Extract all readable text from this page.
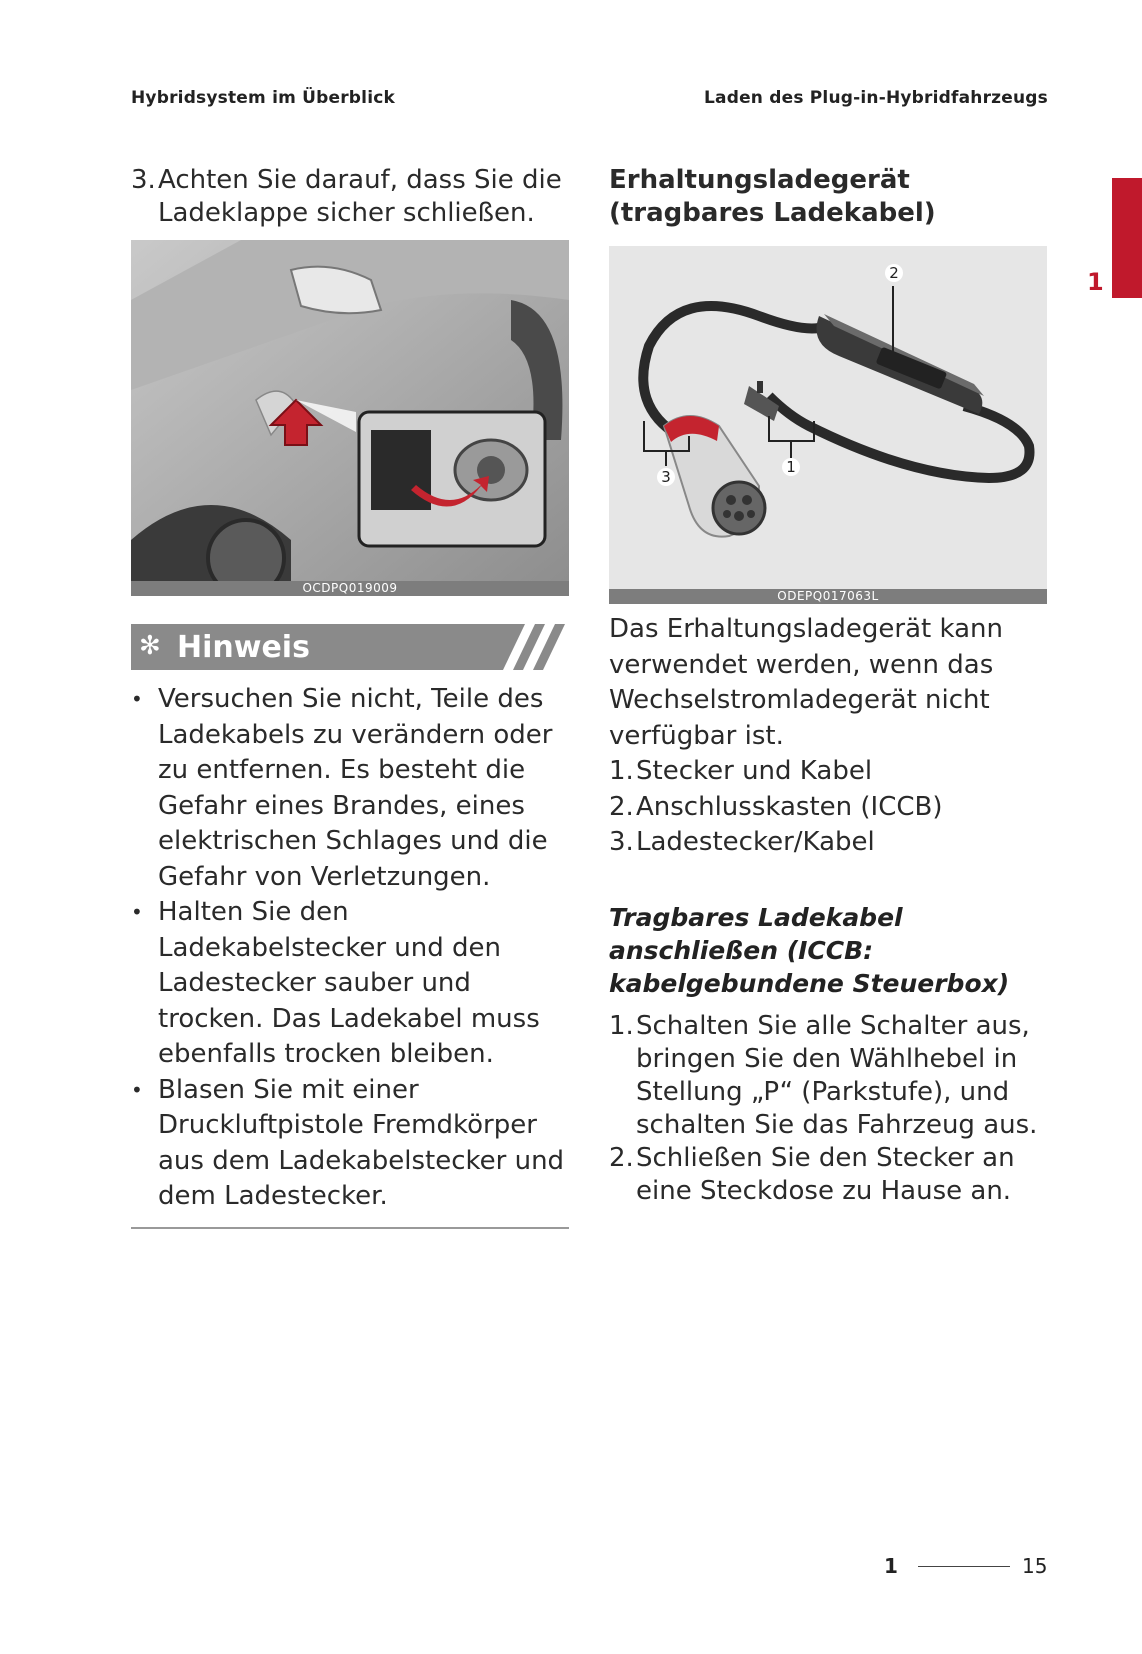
Hybridsystem im Überblick	Laden des Plug-in-Hybridfahrzeugs
1
3. Achten Sie darauf, dass Sie die Ladeklappe sicher schließen.
OCDPQ019009
✻ Hinweis
• Versuchen Sie nicht, Teile des Ladekabels zu verändern oder zu entfernen. Es besteht die Gefahr eines Brandes, eines elektrischen Schlages und die Gefahr von Verletzungen.
• Halten Sie den Ladekabelstecker und den Ladestecker sauber und trocken. Das Ladekabel muss ebenfalls trocken bleiben.
• Blasen Sie mit einer Druckluftpistole Fremdkörper aus dem Ladekabelstecker und dem Ladestecker.
Erhaltungsladegerät (tragbares Ladekabel)
2
3
1
ODEPQ017063L
Das Erhaltungsladegerät kann verwendet werden, wenn das Wechselstromladegerät nicht verfügbar ist.
1. Stecker und Kabel
2. Anschlusskasten (ICCB)
3. Ladestecker/Kabel
Tragbares Ladekabel anschließen (ICCB: kabelgebundene Steuerbox)
1. Schalten Sie alle Schalter aus, bringen Sie den Wählhebel in Stellung „P“ (Parkstufe), und schalten Sie das Fahrzeug aus.
2. Schließen Sie den Stecker an eine Steckdose zu Hause an.
1	15
